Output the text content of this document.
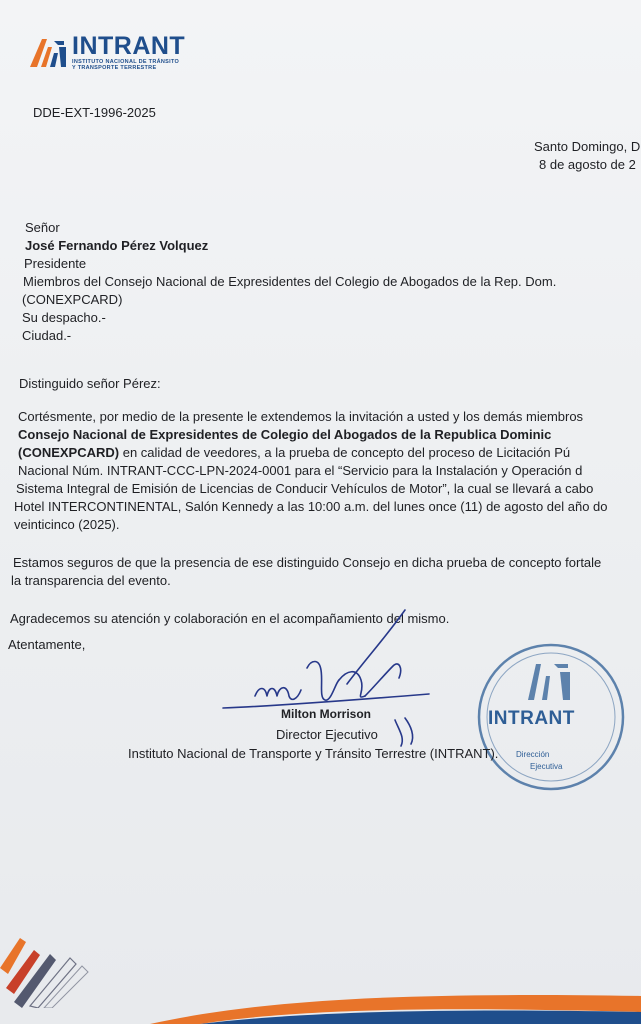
INTRANT
INSTITUTO NACIONAL DE TRÁNSITO
Y TRANSPORTE TERRESTRE
DDE-EXT-1996-2025
Santo Domingo, D
8 de agosto de 2
Señor
José Fernando Pérez Volquez
Presidente
Miembros del Consejo Nacional de Expresidentes del Colegio de Abogados de la Rep. Dom.
(CONEXPCARD)
Su despacho.-
Ciudad.-
Distinguido señor Pérez:
Cortésmente, por medio de la presente le extendemos la invitación a usted y los demás miembros
Consejo Nacional de Expresidentes de Colegio del Abogados de la Republica Dominic
(CONEXPCARD) en calidad de veedores, a la prueba de concepto del proceso de Licitación Pú
Nacional Núm. INTRANT-CCC-LPN-2024-0001 para el “Servicio para la Instalación y Operación d
Sistema Integral de Emisión de Licencias de Conducir Vehículos de Motor”, la cual se llevará a cabo
Hotel INTERCONTINENTAL, Salón Kennedy a las 10:00 a.m. del lunes once (11) de agosto del año do
veinticinco (2025).
Estamos seguros de que la presencia de ese distinguido Consejo en dicha prueba de concepto fortale
la transparencia del evento.
Agradecemos su atención y colaboración en el acompañamiento del mismo.
Atentamente,
INTRANT
Dirección
Ejecutiva
Milton Morrison
Director Ejecutivo
Instituto Nacional de Transporte y Tránsito Terrestre (INTRANT).
